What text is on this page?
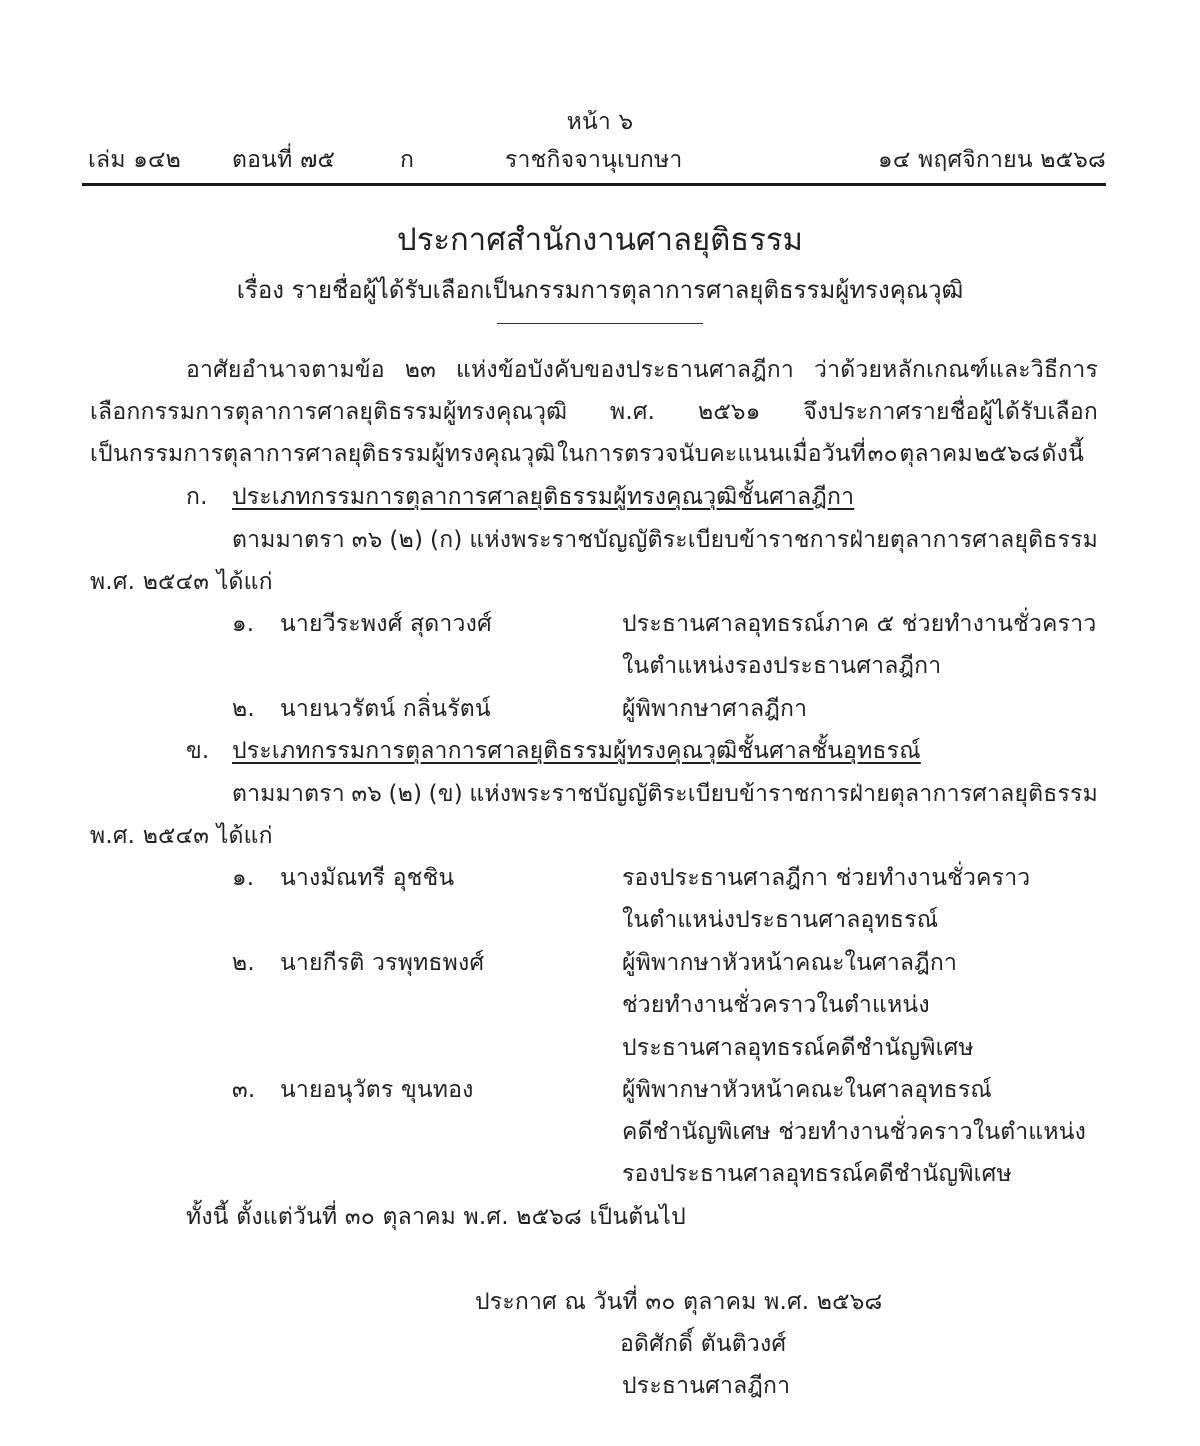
หน้า ๖
เล่ม ๑๔๒ ตอนที่ ๗๕	ก	ราชกิจจานุเบกษา	๑๔ พฤศจิกายน ๒๕๖๘
ประกาศสำนักงานศาลยุติธรรม
เรื่อง รายชื่อผู้ได้รับเลือกเป็นกรรมการตุลาการศาลยุติธรรมผู้ทรงคุณวุฒิ
อาศัยอำนาจตามข้อ ๒๓ แห่งข้อบังคับของประธานศาลฎีกา ว่าด้วยหลักเกณฑ์และวิธีการ
เลือกกรรมการตุลาการศาลยุติธรรมผู้ทรงคุณวุฒิ พ.ศ. ๒๕๖๑ จึงประกาศรายชื่อผู้ได้รับเลือก
เป็นกรรมการตุลาการศาลยุติธรรมผู้ทรงคุณวุฒิ ในการตรวจนับคะแนนเมื่อวันที่ ๓๐ ตุลาคม ๒๕๖๘ ดังนี้
ก. ประเภทกรรมการตุลาการศาลยุติธรรมผู้ทรงคุณวุฒิชั้นศาลฎีกา
ตามมาตรา ๓๖ (๒) (ก) แห่งพระราชบัญญัติระเบียบข้าราชการฝ่ายตุลาการศาลยุติธรรม
พ.ศ. ๒๕๔๓ ได้แก่
๑. นายวีระพงศ์ สุดาวงศ์	ประธานศาลอุทธรณ์ภาค ๕ ช่วยทำงานชั่วคราว
ในตำแหน่งรองประธานศาลฎีกา
๒. นายนวรัตน์ กลิ่นรัตน์	ผู้พิพากษาศาลฎีกา
ข. ประเภทกรรมการตุลาการศาลยุติธรรมผู้ทรงคุณวุฒิชั้นศาลชั้นอุทธรณ์
ตามมาตรา ๓๖ (๒) (ข) แห่งพระราชบัญญัติระเบียบข้าราชการฝ่ายตุลาการศาลยุติธรรม
พ.ศ. ๒๕๔๓ ได้แก่
๑. นางมัณทรี อุชชิน	รองประธานศาลฎีกา ช่วยทำงานชั่วคราว
ในตำแหน่งประธานศาลอุทธรณ์
๒. นายกีรติ วรพุทธพงศ์	ผู้พิพากษาหัวหน้าคณะในศาลฎีกา
ช่วยทำงานชั่วคราวในตำแหน่ง
ประธานศาลอุทธรณ์คดีชำนัญพิเศษ
๓. นายอนุวัตร ขุนทอง	ผู้พิพากษาหัวหน้าคณะในศาลอุทธรณ์
คดีชำนัญพิเศษ ช่วยทำงานชั่วคราวในตำแหน่ง
รองประธานศาลอุทธรณ์คดีชำนัญพิเศษ
ทั้งนี้ ตั้งแต่วันที่ ๓๐ ตุลาคม พ.ศ. ๒๕๖๘ เป็นต้นไป
ประกาศ ณ วันที่ ๓๐ ตุลาคม พ.ศ. ๒๕๖๘
อดิศักดิ์ ตันติวงศ์
ประธานศาลฎีกา
